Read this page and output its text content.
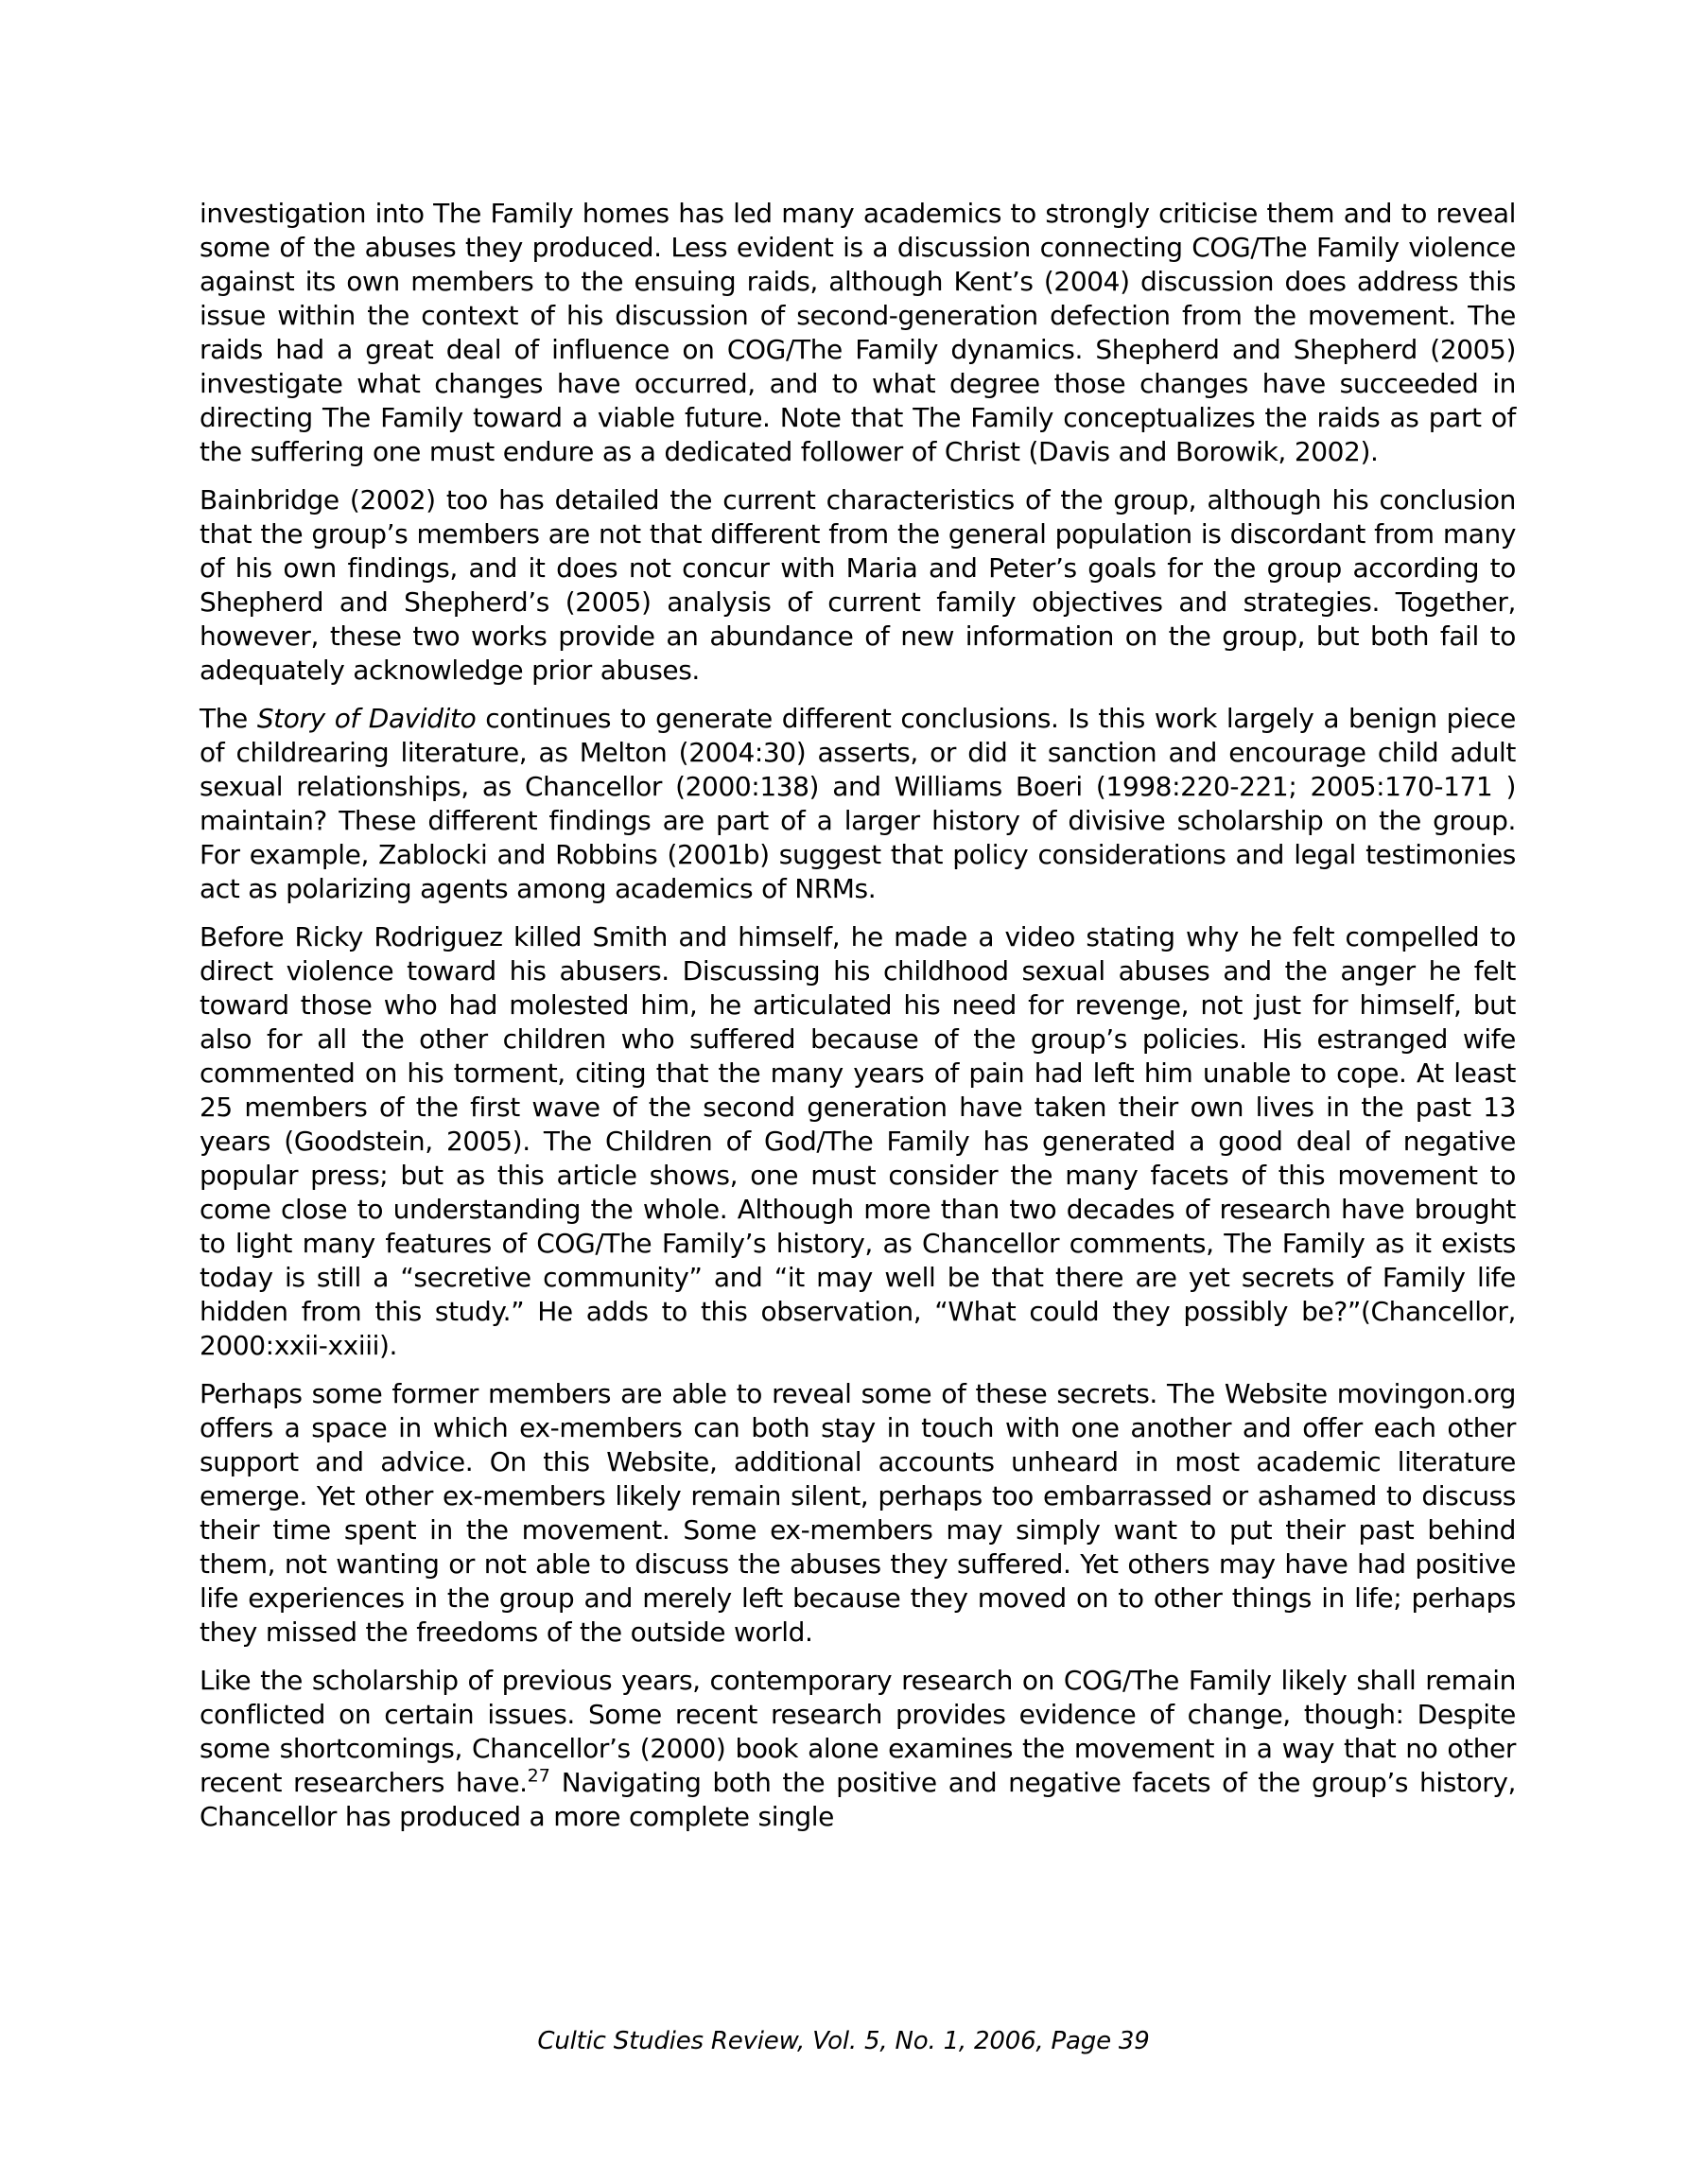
investigation into The Family homes has led many academics to strongly criticise them and to reveal some of the abuses they produced. Less evident is a discussion connecting COG/The Family violence against its own members to the ensuing raids, although Kent’s (2004) discussion does address this issue within the context of his discussion of second-generation defection from the movement. The raids had a great deal of influence on COG/The Family dynamics. Shepherd and Shepherd (2005) investigate what changes have occurred, and to what degree those changes have succeeded in directing The Family toward a viable future. Note that The Family conceptualizes the raids as part of the suffering one must endure as a dedicated follower of Christ (Davis and Borowik, 2002).

Bainbridge (2002) too has detailed the current characteristics of the group, although his conclusion that the group’s members are not that different from the general population is discordant from many of his own findings, and it does not concur with Maria and Peter’s goals for the group according to Shepherd and Shepherd’s (2005) analysis of current family objectives and strategies. Together, however, these two works provide an abundance of new information on the group, but both fail to adequately acknowledge prior abuses.

The Story of Davidito continues to generate different conclusions. Is this work largely a benign piece of childrearing literature, as Melton (2004:30) asserts, or did it sanction and encourage child adult sexual relationships, as Chancellor (2000:138) and Williams Boeri (1998:220-221; 2005:170-171 ) maintain? These different findings are part of a larger history of divisive scholarship on the group. For example, Zablocki and Robbins (2001b) suggest that policy considerations and legal testimonies act as polarizing agents among academics of NRMs.

Before Ricky Rodriguez killed Smith and himself, he made a video stating why he felt compelled to direct violence toward his abusers. Discussing his childhood sexual abuses and the anger he felt toward those who had molested him, he articulated his need for revenge, not just for himself, but also for all the other children who suffered because of the group’s policies. His estranged wife commented on his torment, citing that the many years of pain had left him unable to cope. At least 25 members of the first wave of the second generation have taken their own lives in the past 13 years (Goodstein, 2005). The Children of God/The Family has generated a good deal of negative popular press; but as this article shows, one must consider the many facets of this movement to come close to understanding the whole. Although more than two decades of research have brought to light many features of COG/The Family’s history, as Chancellor comments, The Family as it exists today is still a “secretive community” and “it may well be that there are yet secrets of Family life hidden from this study.” He adds to this observation, “What could they possibly be?”(Chancellor, 2000:xxii-xxiii).

Perhaps some former members are able to reveal some of these secrets. The Website movingon.org offers a space in which ex-members can both stay in touch with one another and offer each other support and advice. On this Website, additional accounts unheard in most academic literature emerge. Yet other ex-members likely remain silent, perhaps too embarrassed or ashamed to discuss their time spent in the movement. Some ex-members may simply want to put their past behind them, not wanting or not able to discuss the abuses they suffered. Yet others may have had positive life experiences in the group and merely left because they moved on to other things in life; perhaps they missed the freedoms of the outside world.

Like the scholarship of previous years, contemporary research on COG/The Family likely shall remain conflicted on certain issues. Some recent research provides evidence of change, though: Despite some shortcomings, Chancellor’s (2000) book alone examines the movement in a way that no other recent researchers have.$^{27}$ Navigating both the positive and negative facets of the group’s history, Chancellor has produced a more complete single

Cultic Studies Review, Vol. 5, No. 1, 2006, Page 39
